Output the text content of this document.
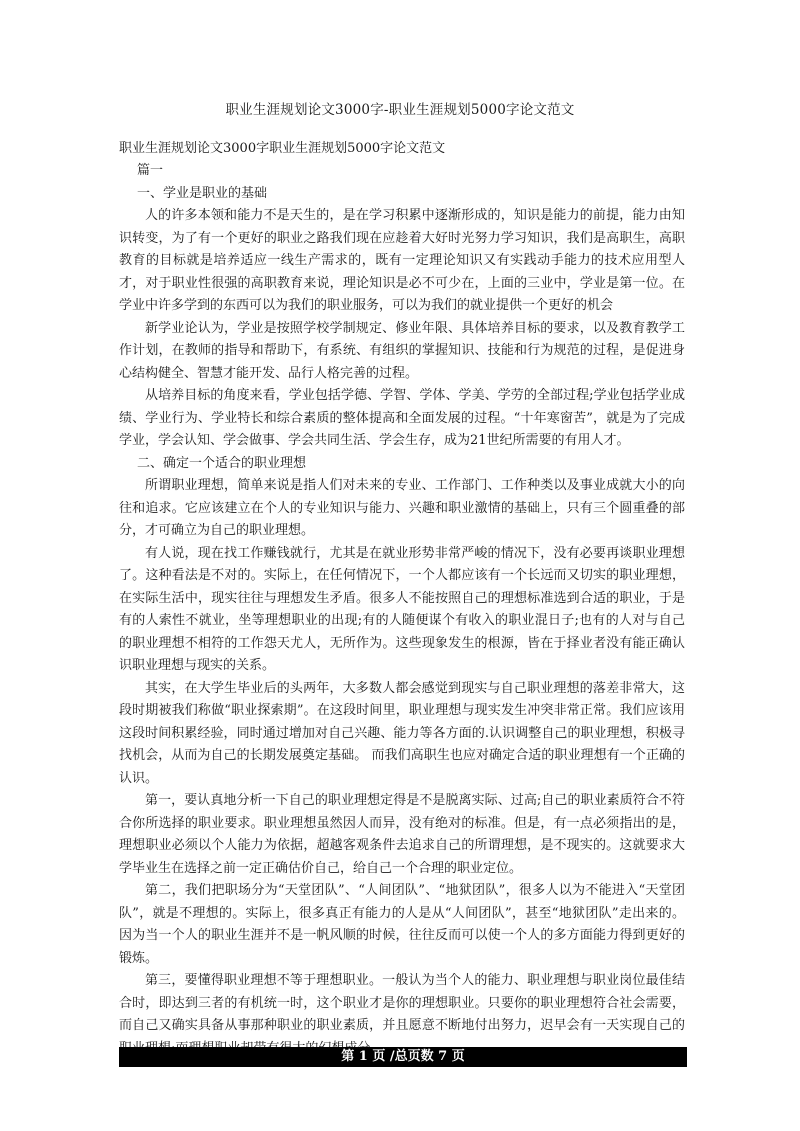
职业生涯规划论文3000字-职业生涯规划5000字论文范文

职业生涯规划论文3000字职业生涯规划5000字论文范文

篇一

一、学业是职业的基础

人的许多本领和能力不是天生的，是在学习积累中逐渐形成的，知识是能力的前提，能力由知识转变，为了有一个更好的职业之路我们现在应趁着大好时光努力学习知识，我们是高职生，高职教育的目标就是培养适应一线生产需求的，既有一定理论知识又有实践动手能力的技术应用型人才，对于职业性很强的高职教育来说，理论知识是必不可少在，上面的三业中，学业是第一位。在学业中许多学到的东西可以为我们的职业服务，可以为我们的就业提供一个更好的机会

新学业论认为，学业是按照学校学制规定、修业年限、具体培养目标的要求，以及教育教学工作计划，在教师的指导和帮助下，有系统、有组织的掌握知识、技能和行为规范的过程，是促进身心结构健全、智慧才能开发、品行人格完善的过程。

从培养目标的角度来看，学业包括学德、学智、学体、学美、学劳的全部过程;学业包括学业成绩、学业行为、学业特长和综合素质的整体提高和全面发展的过程。“十年寒窗苦”，就是为了完成学业，学会认知、学会做事、学会共同生活、学会生存，成为21世纪所需要的有用人才。

二、确定一个适合的职业理想

所谓职业理想，简单来说是指人们对未来的专业、工作部门、工作种类以及事业成就大小的向往和追求。它应该建立在个人的专业知识与能力、兴趣和职业激情的基础上，只有三个圆重叠的部分，才可确立为自己的职业理想。

有人说，现在找工作赚钱就行，尤其是在就业形势非常严峻的情况下，没有必要再谈职业理想了。这种看法是不对的。实际上，在任何情况下，一个人都应该有一个长远而又切实的职业理想，在实际生活中，现实往往与理想发生矛盾。很多人不能按照自己的理想标准选到合适的职业，于是有的人索性不就业，坐等理想职业的出现;有的人随便谋个有收入的职业混日子;也有的人对与自己的职业理想不相符的工作怨天尤人，无所作为。这些现象发生的根源，皆在于择业者没有能正确认识职业理想与现实的关系。

其实，在大学生毕业后的头两年，大多数人都会感觉到现实与自己职业理想的落差非常大，这段时期被我们称做“职业探索期”。在这段时间里，职业理想与现实发生冲突非常正常。我们应该用这段时间积累经验，同时通过增加对自己兴趣、能力等各方面的.认识调整自己的职业理想，积极寻找机会，从而为自己的长期发展奠定基础。 而我们高职生也应对确定合适的职业理想有一个正确的认识。

第一，要认真地分析一下自己的职业理想定得是不是脱离实际、过高;自己的职业素质符合不符合你所选择的职业要求。职业理想虽然因人而异，没有绝对的标准。但是，有一点必须指出的是，理想职业必须以个人能力为依据，超越客观条件去追求自己的所谓理想，是不现实的。这就要求大学毕业生在选择之前一定正确估价自己，给自己一个合理的职业定位。

第二，我们把职场分为“天堂团队”、“人间团队”、“地狱团队”，很多人以为不能进入“天堂团队”，就是不理想的。实际上，很多真正有能力的人是从“人间团队”，甚至“地狱团队”走出来的。因为当一个人的职业生涯并不是一帆风顺的时候，往往反而可以使一个人的多方面能力得到更好的锻炼。

第三，要懂得职业理想不等于理想职业。一般认为当个人的能力、职业理想与职业岗位最佳结合时，即达到三者的有机统一时，这个职业才是你的理想职业。只要你的职业理想符合社会需要，而自己又确实具备从事那种职业的职业素质，并且愿意不断地付出努力，迟早会有一天实现自己的

第 1 页 /总页数 7 页
